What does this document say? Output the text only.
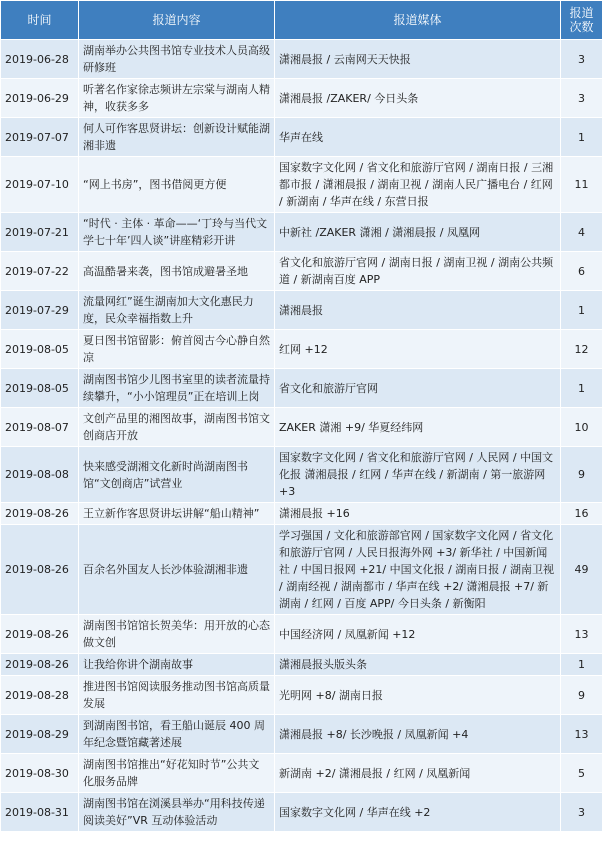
时间	报道内容	报道媒体	报道
次数
2019-06-28	湖南举办公共图书馆专业技术人员高级研修班	潇湘晨报 / 云南网天天快报	3
2019-06-29	听著名作家徐志频讲左宗棠与湖南人精神，收获多多	潇湘晨报 /ZAKER/ 今日头条	3
2019-07-07	何人可作客思贤讲坛：创新设计赋能湖湘非遗	华声在线	1
2019-07-10	“网上书房”，图书借阅更方便	国家数字文化网 / 省文化和旅游厅官网 / 湖南日报 / 三湘都市报 / 潇湘晨报 / 湖南卫视 / 湖南人民广播电台 / 红网 / 新湖南 / 华声在线 / 东营日报	11
2019-07-21	“时代 · 主体 · 革命——‘丁玲与当代文学七十年’四人谈”讲座精彩开讲	中新社 /ZAKER 潇湘 / 潇湘晨报 / 凤凰网	4
2019-07-22	高温酷暑来袭，图书馆成避暑圣地	省文化和旅游厅官网 / 湖南日报 / 湖南卫视 / 湖南公共频道 / 新湖南百度 APP	6
2019-07-29	流量网红”诞生湖南加大文化惠民力度，民众幸福指数上升	潇湘晨报	1
2019-08-05	夏日图书馆留影：俯首阅古今心静自然凉	红网 +12	12
2019-08-05	湖南图书馆少儿图书室里的读者流量持续攀升，“小小馆理员”正在培训上岗	省文化和旅游厅官网	1
2019-08-07	文创产品里的湘图故事，湖南图书馆文创商店开放	ZAKER 潇湘 +9/ 华夏经纬网	10
2019-08-08	快来感受湖湘文化新时尚湖南图书馆“文创商店”试营业	国家数字文化网 / 省文化和旅游厅官网 / 人民网 / 中国文化报 潇湘晨报 / 红网 / 华声在线 / 新湖南 / 第一旅游网 +3	9
2019-08-26	王立新作客思贤讲坛讲解“船山精神”	潇湘晨报 +16	16
2019-08-26	百余名外国友人长沙体验湖湘非遗	学习强国 / 文化和旅游部官网 / 国家数字文化网 / 省文化和旅游厅官网 / 人民日报海外网 +3/ 新华社 / 中国新闻社 / 中国日报网 +21/ 中国文化报 / 湖南日报 / 湖南卫视 / 湖南经视 / 湖南都市 / 华声在线 +2/ 潇湘晨报 +7/ 新湖南 / 红网 / 百度 APP/ 今日头条 / 新衡阳	49
2019-08-26	湖南图书馆馆长贺美华：用开放的心态做文创	中国经济网 / 凤凰新闻 +12	13
2019-08-26	让我给你讲个湖南故事	潇湘晨报头版头条	1
2019-08-28	推进图书馆阅读服务推动图书馆高质量发展	光明网 +8/ 湖南日报	9
2019-08-29	到湖南图书馆，看王船山诞辰 400 周年纪念暨馆藏著述展	潇湘晨报 +8/ 长沙晚报 / 凤凰新闻 +4	13
2019-08-30	湖南图书馆推出“好花知时节”公共文化服务品牌	新湖南 +2/ 潇湘晨报 / 红网 / 凤凰新闻	5
2019-08-31	湖南图书馆在浏溪县举办“用科技传递阅读美好”VR 互动体验活动	国家数字文化网 / 华声在线 +2	3
